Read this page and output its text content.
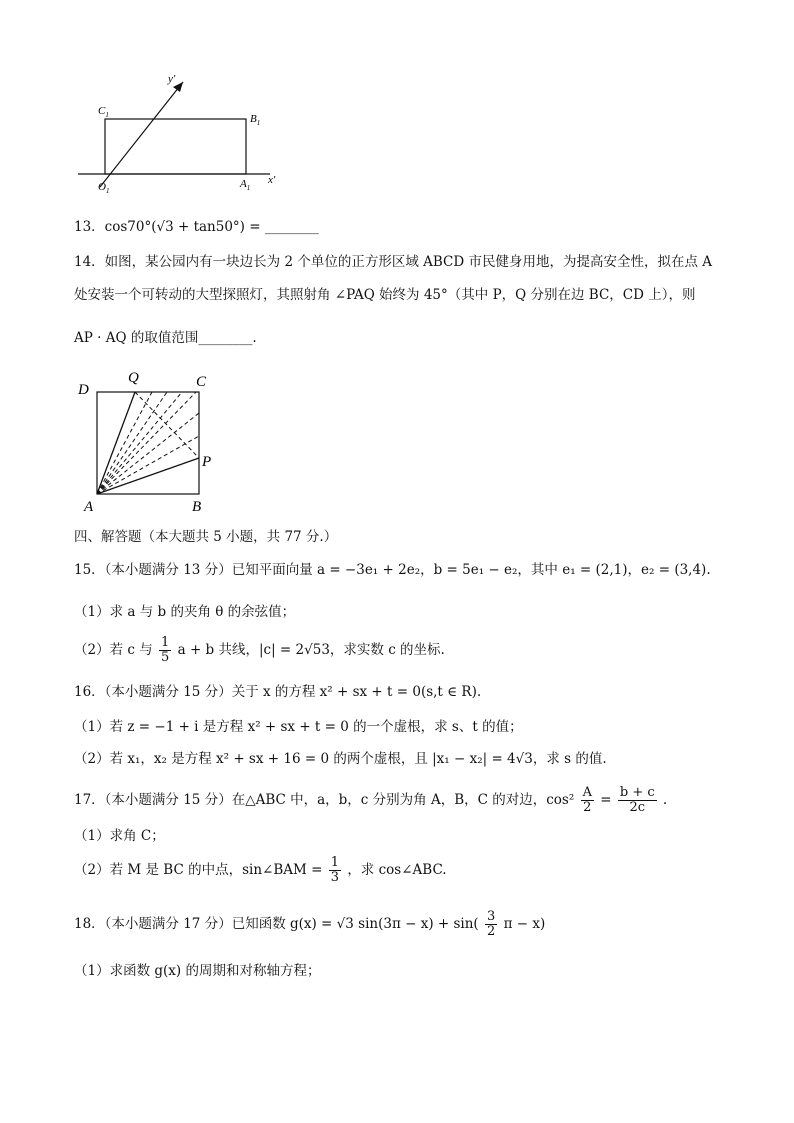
y'
x'
$C_1$	$B_1$
$O_1$
$A_1$
13．cos70°(√3 + tan50°) = ________
14．如图，某公园内有一块边长为 2 个单位的正方形区域 ABCD 市民健身用地，为提高安全性，拟在点 A
处安装一个可转动的大型探照灯，其照射角 ∠PAQ 始终为 45°（其中 P，Q 分别在边 BC，CD 上），则
AP · AQ 的取值范围________.
D
Q	C
P
A	B
四、解答题（本大题共 5 小题，共 77 分.）
15．（本小题满分 13 分）已知平面向量 a = −3e₁ + 2e₂，b = 5e₁ − e₂，其中 e₁ = (2,1)，e₂ = (3,4).
（1）求 a 与 b 的夹角 θ 的余弦值；
（2）若 c 与 $\frac{1}{5}$ a + b 共线，|c| = 2√53，求实数 c 的坐标.
16．（本小题满分 15 分）关于 x 的方程 x² + sx + t = 0(s,t ∈ R).
（1）若 z = −1 + i 是方程 x² + sx + t = 0 的一个虚根，求 s、t 的值；
（2）若 x₁，x₂ 是方程 x² + sx + 16 = 0 的两个虚根，且 |x₁ − x₂| = 4√3，求 s 的值.
17．（本小题满分 15 分）在△ABC 中，a，b，c 分别为角 A，B，C 的对边，$\cos^2 \frac{A}{2} = \frac{b + c}{2c}$ .
（1）求角 C；
（2）若 M 是 BC 的中点，sin∠BAM = $\frac{1}{3}$ ，求 cos∠ABC.
18．（本小题满分 17 分）已知函数 g(x) = √3 $\sin(3\pi - x) + \sin( \frac{3}{2}$ π − x)
（1）求函数 g(x) 的周期和对称轴方程；
